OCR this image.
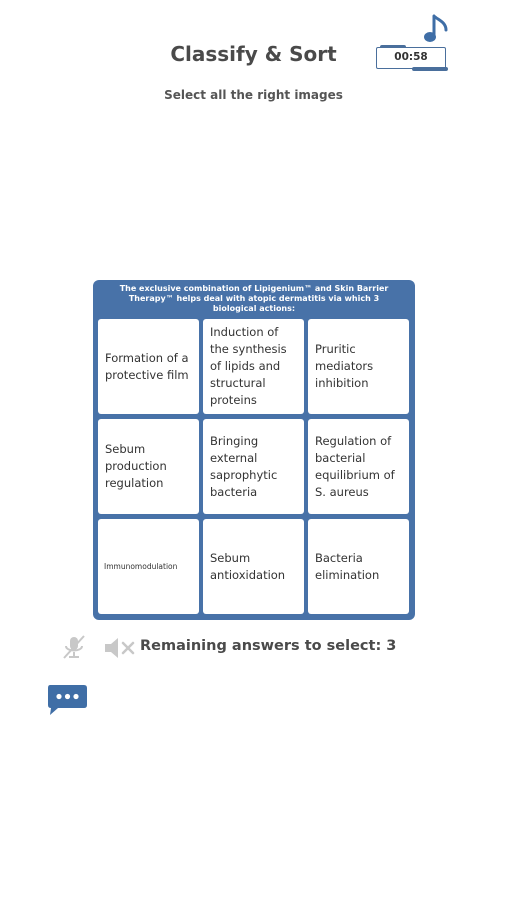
Classify & Sort	00:58
Select all the right images
The exclusive combination of Lipigenium™ and Skin Barrier Therapy™ helps deal with atopic dermatitis via which 3 biological actions:
Formation of a protective film
Induction of the synthesis of lipids and structural proteins
Pruritic mediators inhibition
Sebum production regulation
Bringing external saprophytic bacteria
Regulation of bacterial equilibrium of S. aureus
Immunomodulation
Sebum antioxidation
Bacteria elimination
Remaining answers to select: 3
